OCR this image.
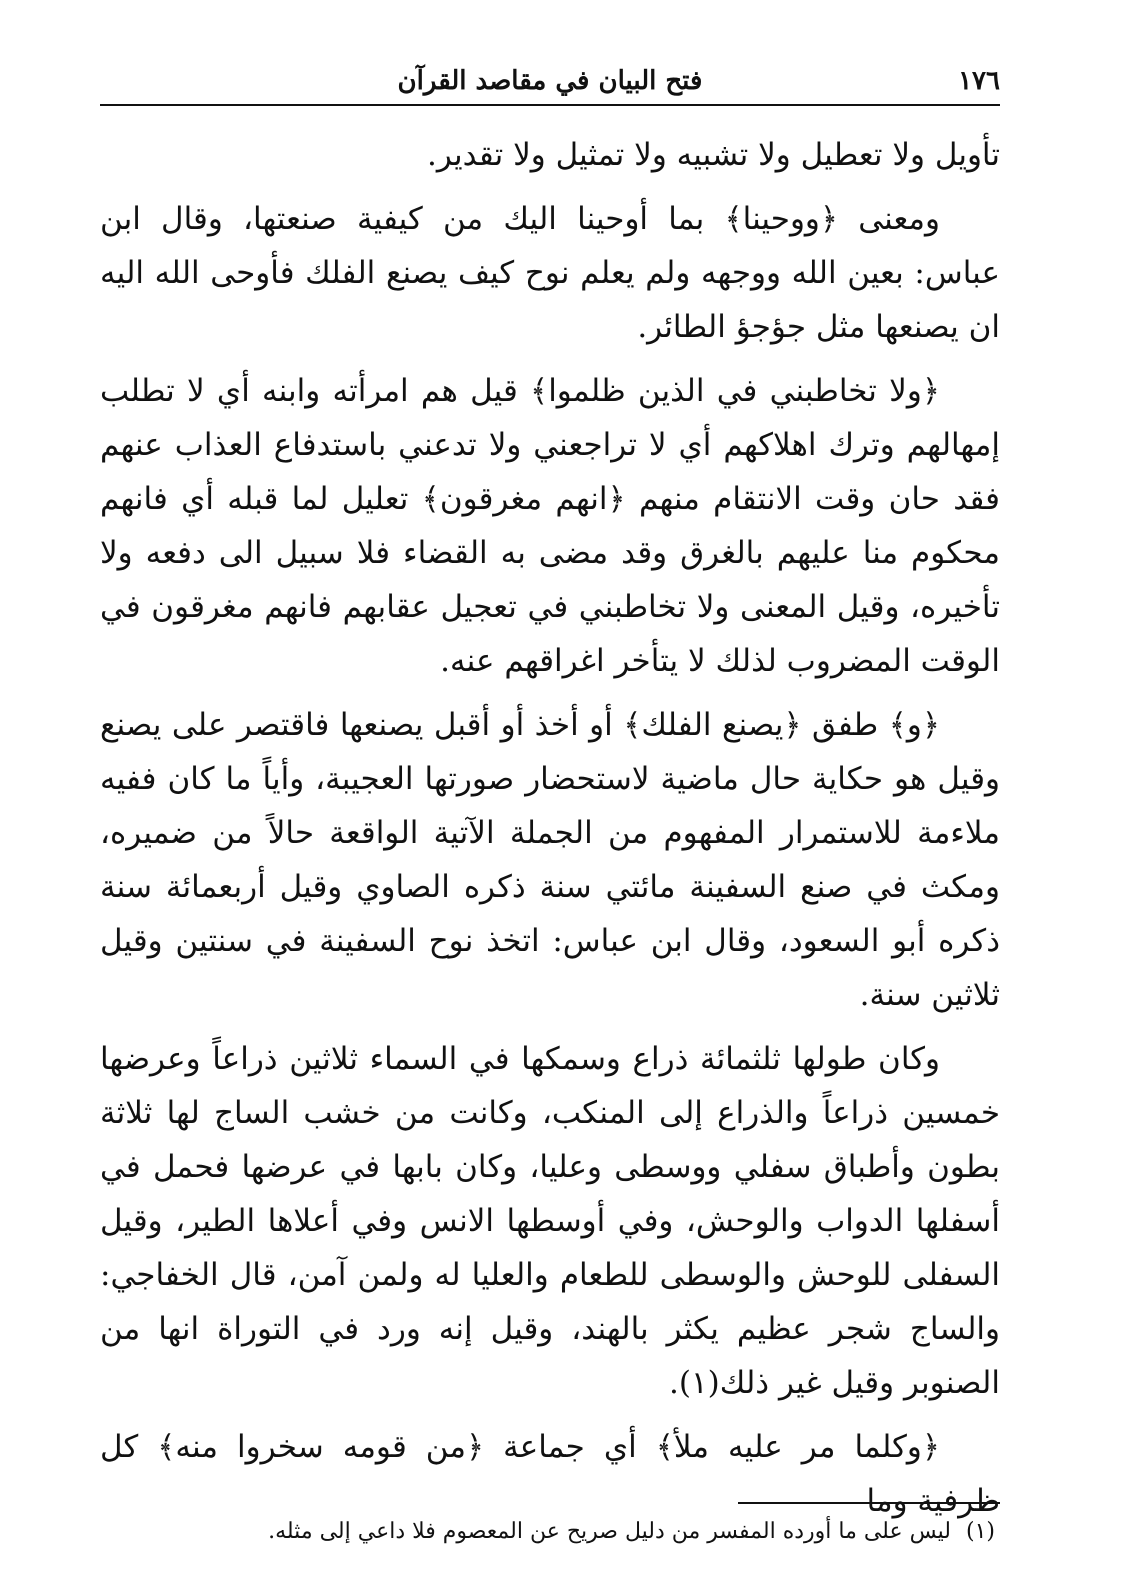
١٧٦
فتح البيان في مقاصد القرآن

تأويل ولا تعطيل ولا تشبيه ولا تمثيل ولا تقدير.

ومعنى ﴿ووحينا﴾ بما أوحينا اليك من كيفية صنعتها، وقال ابن عباس: بعين الله ووجهه ولم يعلم نوح كيف يصنع الفلك فأوحى الله اليه ان يصنعها مثل جؤجؤ الطائر.

﴿ولا تخاطبني في الذين ظلموا﴾ قيل هم امرأته وابنه أي لا تطلب إمهالهم وترك اهلاكهم أي لا تراجعني ولا تدعني باستدفاع العذاب عنهم فقد حان وقت الانتقام منهم ﴿انهم مغرقون﴾ تعليل لما قبله أي فانهم محكوم منا عليهم بالغرق وقد مضى به القضاء فلا سبيل الى دفعه ولا تأخيره، وقيل المعنى ولا تخاطبني في تعجيل عقابهم فانهم مغرقون في الوقت المضروب لذلك لا يتأخر اغراقهم عنه.

﴿و﴾ طفق ﴿يصنع الفلك﴾ أو أخذ أو أقبل يصنعها فاقتصر على يصنع وقيل هو حكاية حال ماضية لاستحضار صورتها العجيبة، وأياً ما كان ففيه ملاءمة للاستمرار المفهوم من الجملة الآتية الواقعة حالاً من ضميره، ومكث في صنع السفينة مائتي سنة ذكره الصاوي وقيل أربعمائة سنة ذكره أبو السعود، وقال ابن عباس: اتخذ نوح السفينة في سنتين وقيل ثلاثين سنة.

وكان طولها ثلثمائة ذراع وسمكها في السماء ثلاثين ذراعاً وعرضها خمسين ذراعاً والذراع إلى المنكب، وكانت من خشب الساج لها ثلاثة بطون وأطباق سفلي ووسطى وعليا، وكان بابها في عرضها فحمل في أسفلها الدواب والوحش، وفي أوسطها الانس وفي أعلاها الطير، وقيل السفلى للوحش والوسطى للطعام والعليا له ولمن آمن، قال الخفاجي: والساج شجر عظيم يكثر بالهند، وقيل إنه ورد في التوراة انها من الصنوبر وقيل غير ذلك(١).

﴿وكلما مر عليه ملأ﴾ أي جماعة ﴿من قومه سخروا منه﴾ كل ظرفية وما

(١) ليس على ما أورده المفسر من دليل صريح عن المعصوم فلا داعي إلى مثله.
